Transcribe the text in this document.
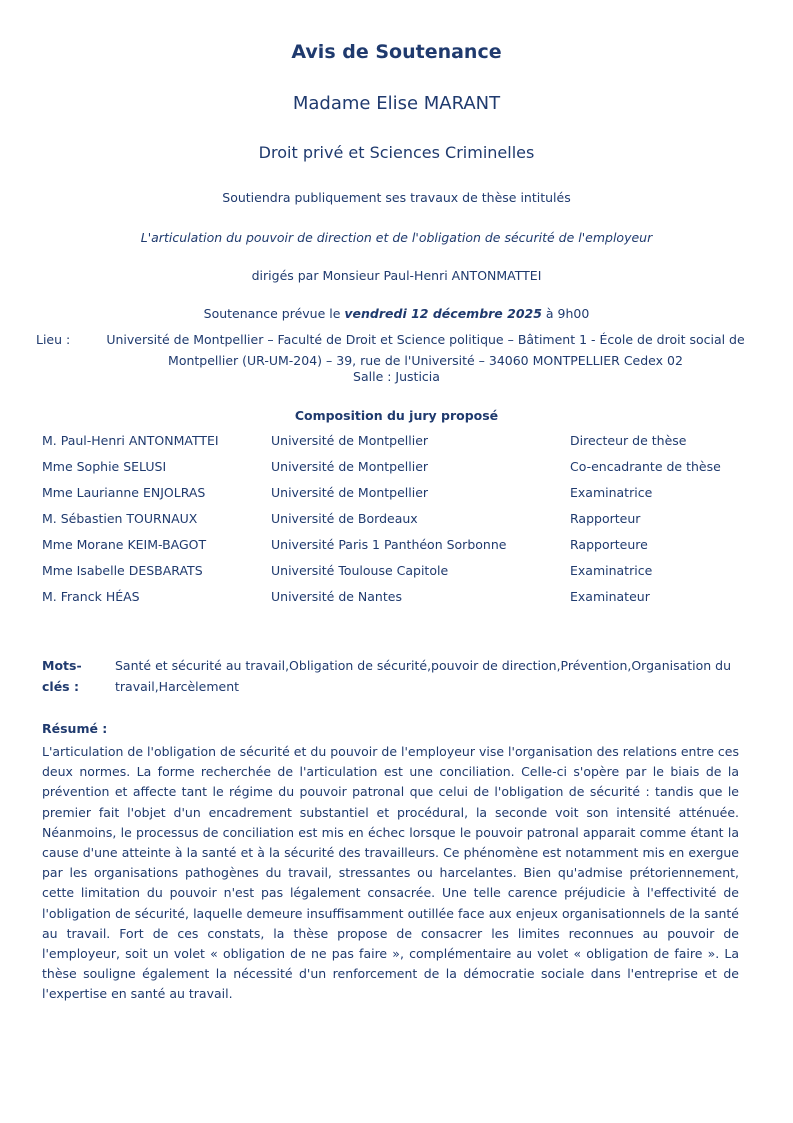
Avis de Soutenance
Madame Elise MARANT
Droit privé et Sciences Criminelles
Soutiendra publiquement ses travaux de thèse intitulés
L'articulation du pouvoir de direction et de l'obligation de sécurité de l'employeur
dirigés par Monsieur Paul-Henri ANTONMATTEI
Soutenance prévue le vendredi 12 décembre 2025 à 9h00
Lieu :	Université de Montpellier – Faculté de Droit et Science politique – Bâtiment 1 - École de droit social de Montpellier (UR-UM-204) – 39, rue de l'Université – 34060 MONTPELLIER Cedex 02
Salle : Justicia
Composition du jury proposé
M. Paul-Henri ANTONMATTEI	Université de Montpellier	Directeur de thèse
Mme Sophie SELUSI	Université de Montpellier	Co-encadrante de thèse
Mme Laurianne ENJOLRAS	Université de Montpellier	Examinatrice
M. Sébastien TOURNAUX	Université de Bordeaux	Rapporteur
Mme Morane KEIM-BAGOT	Université Paris 1 Panthéon Sorbonne	Rapporteure
Mme Isabelle DESBARATS	Université Toulouse Capitole	Examinatrice
M. Franck HÉAS	Université de Nantes	Examinateur
Mots-clés :
Santé et sécurité au travail,Obligation de sécurité,pouvoir de direction,Prévention,Organisation du travail,Harcèlement
Résumé :
L'articulation de l'obligation de sécurité et du pouvoir de l'employeur vise l'organisation des relations entre ces deux normes. La forme recherchée de l'articulation est une conciliation. Celle-ci s'opère par le biais de la prévention et affecte tant le régime du pouvoir patronal que celui de l'obligation de sécurité : tandis que le premier fait l'objet d'un encadrement substantiel et procédural, la seconde voit son intensité atténuée. Néanmoins, le processus de conciliation est mis en échec lorsque le pouvoir patronal apparait comme étant la cause d'une atteinte à la santé et à la sécurité des travailleurs. Ce phénomène est notamment mis en exergue par les organisations pathogènes du travail, stressantes ou harcelantes. Bien qu'admise prétoriennement, cette limitation du pouvoir n'est pas légalement consacrée. Une telle carence préjudicie à l'effectivité de l'obligation de sécurité, laquelle demeure insuffisamment outillée face aux enjeux organisationnels de la santé au travail. Fort de ces constats, la thèse propose de consacrer les limites reconnues au pouvoir de l'employeur, soit un volet « obligation de ne pas faire », complémentaire au volet « obligation de faire ». La thèse souligne également la nécessité d'un renforcement de la démocratie sociale dans l'entreprise et de l'expertise en santé au travail.
